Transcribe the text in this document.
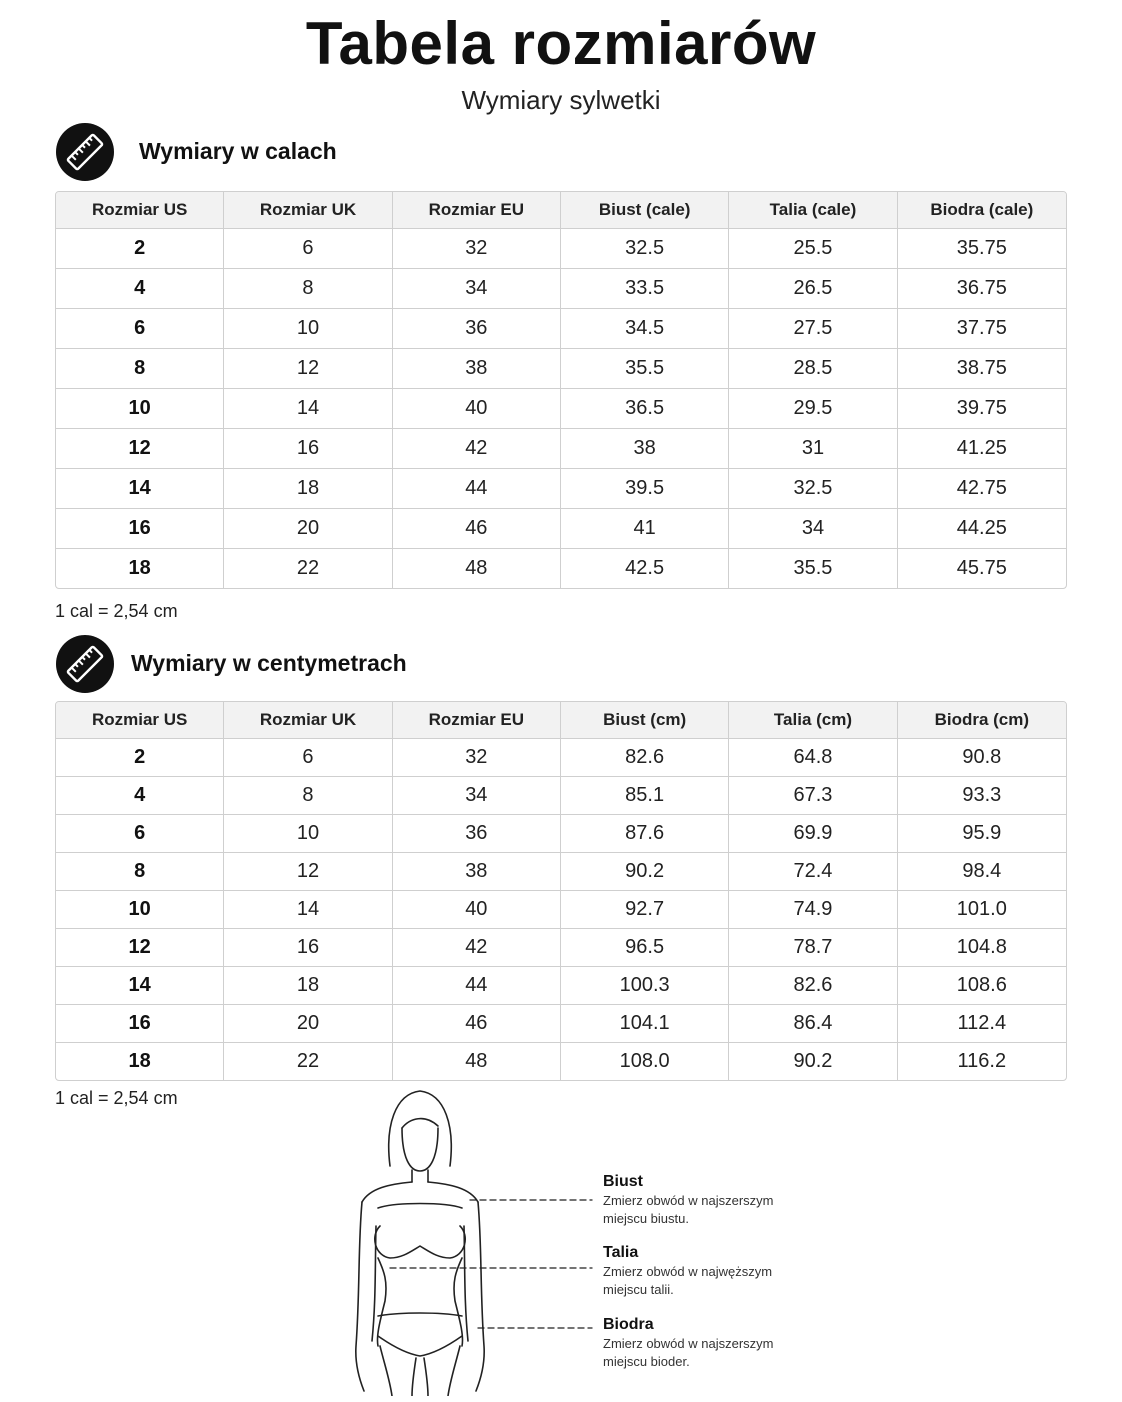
Tabela rozmiarów
Wymiary sylwetki
Wymiary w calach
Rozmiar US	Rozmiar UK	Rozmiar EU	Biust (cale)	Talia (cale)	Biodra (cale)
2	6	32	32.5	25.5	35.75
4	8	34	33.5	26.5	36.75
6	10	36	34.5	27.5	37.75
8	12	38	35.5	28.5	38.75
10	14	40	36.5	29.5	39.75
12	16	42	38	31	41.25
14	18	44	39.5	32.5	42.75
16	20	46	41	34	44.25
18	22	48	42.5	35.5	45.75
1 cal = 2,54 cm
Wymiary w centymetrach
Rozmiar US	Rozmiar UK	Rozmiar EU	Biust (cm)	Talia (cm)	Biodra (cm)
2	6	32	82.6	64.8	90.8
4	8	34	85.1	67.3	93.3
6	10	36	87.6	69.9	95.9
8	12	38	90.2	72.4	98.4
10	14	40	92.7	74.9	101.0
12	16	42	96.5	78.7	104.8
14	18	44	100.3	82.6	108.6
16	20	46	104.1	86.4	112.4
18	22	48	108.0	90.2	116.2
1 cal = 2,54 cm
Biust
Zmierz obwód w najszerszym
miejscu biustu.
Talia
Zmierz obwód w najwęższym
miejscu talii.
Biodra
Zmierz obwód w najszerszym
miejscu bioder.
